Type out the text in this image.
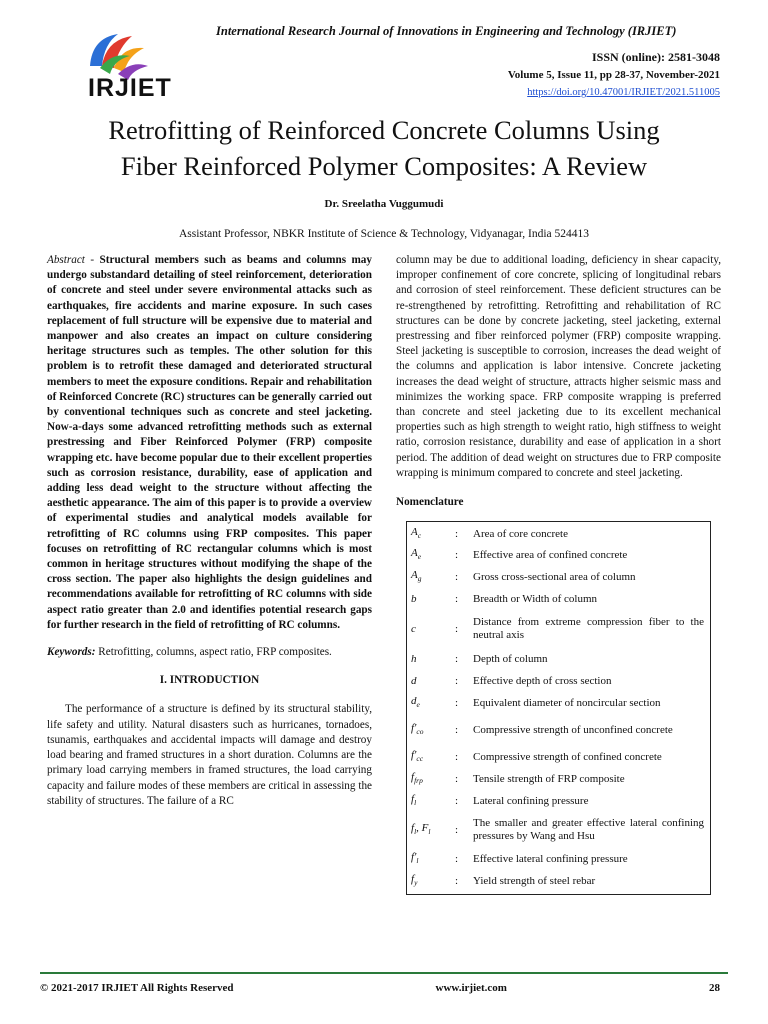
IRJIET
International Research Journal of Innovations in Engineering and Technology (IRJIET)
ISSN (online): 2581-3048
Volume 5, Issue 11, pp 28-37, November-2021
https://doi.org/10.47001/IRJIET/2021.511005
Retrofitting of Reinforced Concrete Columns Using
Fiber Reinforced Polymer Composites: A Review
Dr. Sreelatha Vuggumudi
Assistant Professor, NBKR Institute of Science & Technology, Vidyanagar, India 524413

Abstract - Structural members such as beams and columns may undergo substandard detailing of steel reinforcement, deterioration of concrete and steel under severe environmental attacks such as earthquakes, fire accidents and marine exposure. In such cases replacement of full structure will be expensive due to material and manpower and also creates an impact on culture considering heritage structures such as temples. The other solution for this problem is to retrofit these damaged and deteriorated structural members to meet the exposure conditions. Repair and rehabilitation of Reinforced Concrete (RC) structures can be generally carried out by conventional techniques such as concrete and steel jacketing. Now-a-days some advanced retrofitting methods such as external prestressing and Fiber Reinforced Polymer (FRP) composite wrapping etc. have become popular due to their excellent properties such as corrosion resistance, durability, ease of application and adding less dead weight to the structure without affecting the aesthetic appearance. The aim of this paper is to provide a overview of experimental studies and analytical models available for retrofitting of RC columns using FRP composites. This paper focuses on retrofitting of RC rectangular columns which is most common in heritage structures without modifying the shape of the cross section. The paper also highlights the design guidelines and recommendations available for retrofitting of RC columns with side aspect ratio greater than 2.0 and identifies potential research gaps for further research in the field of retrofitting of RC columns.

Keywords: Retrofitting, columns, aspect ratio, FRP composites.

I. INTRODUCTION

The performance of a structure is defined by its structural stability, life safety and utility. Natural disasters such as hurricanes, tornadoes, tsunamis, earthquakes and accidental impacts will damage and destroy load bearing and framed structures in a short duration. Columns are the primary load carrying members in framed structures, the load carrying capacity and failure modes of these members are critical in assessing the stability of structures. The failure of a RC

column may be due to additional loading, deficiency in shear capacity, improper confinement of core concrete, splicing of longitudinal rebars and corrosion of steel reinforcement. These deficient structures can be re-strengthened by retrofitting. Retrofitting and rehabilitation of RC structures can be done by concrete jacketing, steel jacketing, external prestressing and fiber reinforced polymer (FRP) composite wrapping. Steel jacketing is susceptible to corrosion, increases the dead weight of the columns and application is labor intensive. Concrete jacketing increases the dead weight of structure, attracts higher seismic mass and minimizes the working space. FRP composite wrapping is preferred than concrete and steel jacketing due to its excellent mechanical properties such as high strength to weight ratio, high stiffness to weight ratio, corrosion resistance, durability and ease of application in a short period. The addition of dead weight on structures due to FRP composite wrapping is minimum compared to concrete and steel jacketing.

Nomenclature

$A_c$	:	Area of core concrete
$A_e$	:	Effective area of confined concrete
$A_g$	:	Gross cross-sectional area of column
b	:	Breadth or Width of column
c	:
Distance from extreme compression fiber to the neutral axis
h	:	Depth of column
d	:	Effective depth of cross section
$d_e$	:	Equivalent diameter of noncircular section
$f'_{co}$	:	Compressive strength of unconfined concrete
$f'_{cc}$	:	Compressive strength of confined concrete
$f_{frp}$	:	Tensile strength of FRP composite
$f_l$	:	Lateral confining pressure
$f_l$, $F_l$	:
The smaller and greater effective lateral confining pressures by Wang and Hsu
$f'_l$	:	Effective lateral confining pressure
$f_y$	:	Yield strength of steel rebar
© 2021-2017 IRJIET All Rights Reserved	www.irjiet.com	28
